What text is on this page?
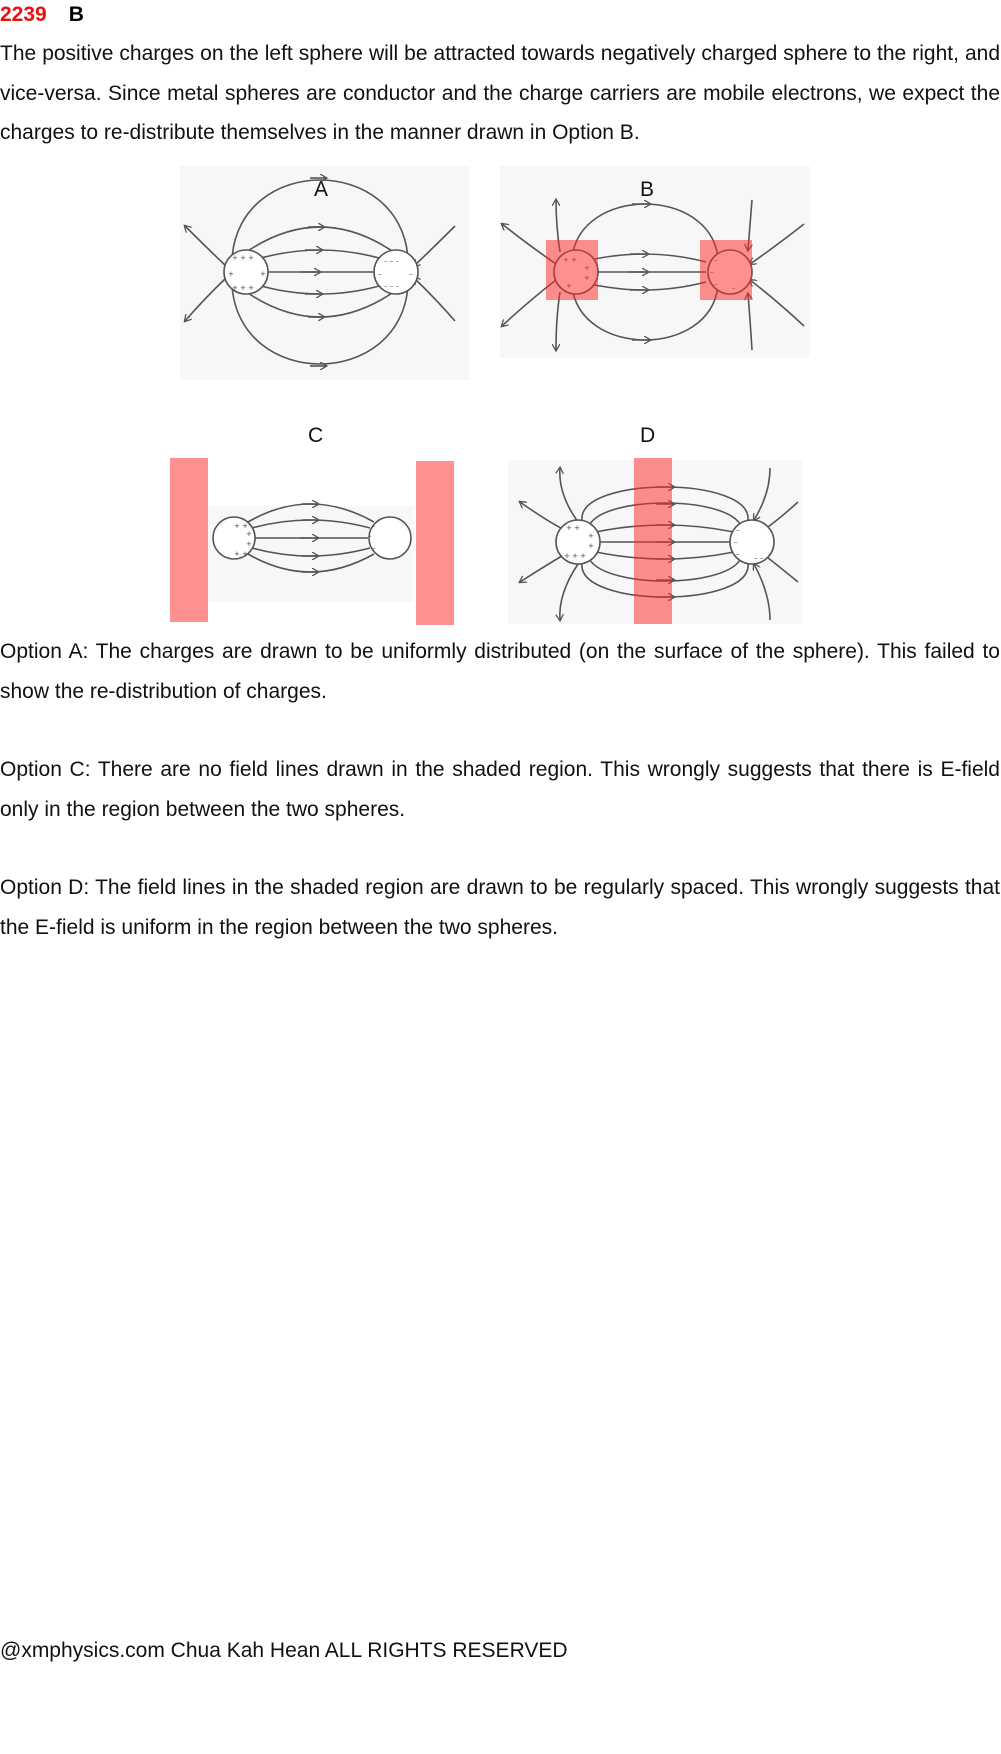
2239 B

The positive charges on the left sphere will be attracted towards negatively charged sphere to the right, and vice-versa. Since metal spheres are conductor and the charge carriers are mobile electrons, we expect the charges to re-distribute themselves in the manner drawn in Option B.

+ + +
+	+
+ + +
– – –
–	–
– – –
A	B
+ +
+
+
+ +
–
–
–
C
+ +
+
+
+ + +
–
–
– – –
D

Option A: The charges are drawn to be uniformly distributed (on the surface of the sphere). This failed to show the re-distribution of charges.

Option C: There are no field lines drawn in the shaded region. This wrongly suggests that there is E-field only in the region between the two spheres.

Option D: The field lines in the shaded region are drawn to be regularly spaced. This wrongly suggests that the E-field is uniform in the region between the two spheres.

@xmphysics.com Chua Kah Hean ALL RIGHTS RESERVED
